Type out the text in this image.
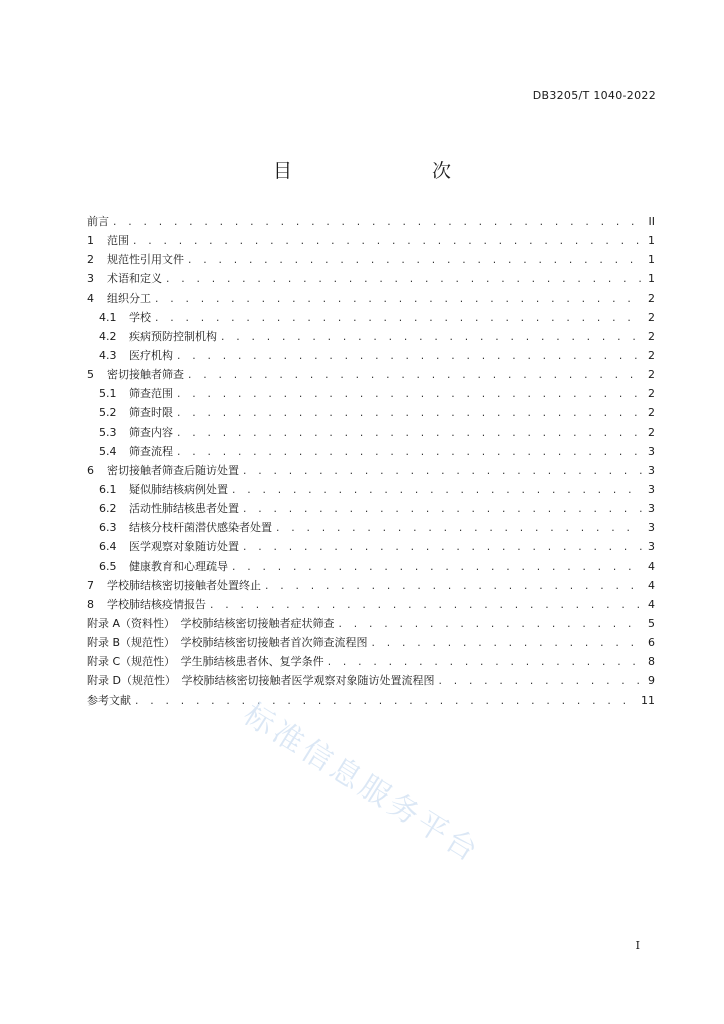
DB3205/T 1040-2022
目　　次
前言 . . .	II
1 范围 . . .	1
2 规范性引用文件 . . .	1
3 术语和定义 . . .	1
4 组织分工 . . .	2
4.1 学校 . . .	2
4.2 疾病预防控制机构 . . .	2
4.3 医疗机构 . . .	2
5 密切接触者筛查 . . .	2
5.1 筛查范围 . . .	2
5.2 筛查时限 . . .	2
5.3 筛查内容 . . .	2
5.4 筛查流程 . . .	3
6 密切接触者筛查后随访处置 . . .	3
6.1 疑似肺结核病例处置 . . .	3
6.2 活动性肺结核患者处置 . . .	3
6.3 结核分枝杆菌潜伏感染者处置 . . .	3
6.4 医学观察对象随访处置 . . .	3
6.5 健康教育和心理疏导 . . .	4
7 学校肺结核密切接触者处置终止 . . .	4
8 学校肺结核疫情报告 . . .	4
附录 A（资料性）　学校肺结核密切接触者症状筛查 . . .	5
附录 B（规范性）　学校肺结核密切接触者首次筛查流程图 . . .	6
附录 C（规范性）　学生肺结核患者休、复学条件 . . .	8
附录 D（规范性）　学校肺结核密切接触者医学观察对象随访处置流程图 . . .	9
参考文献 . . .	11
标准信息服务平台
I
